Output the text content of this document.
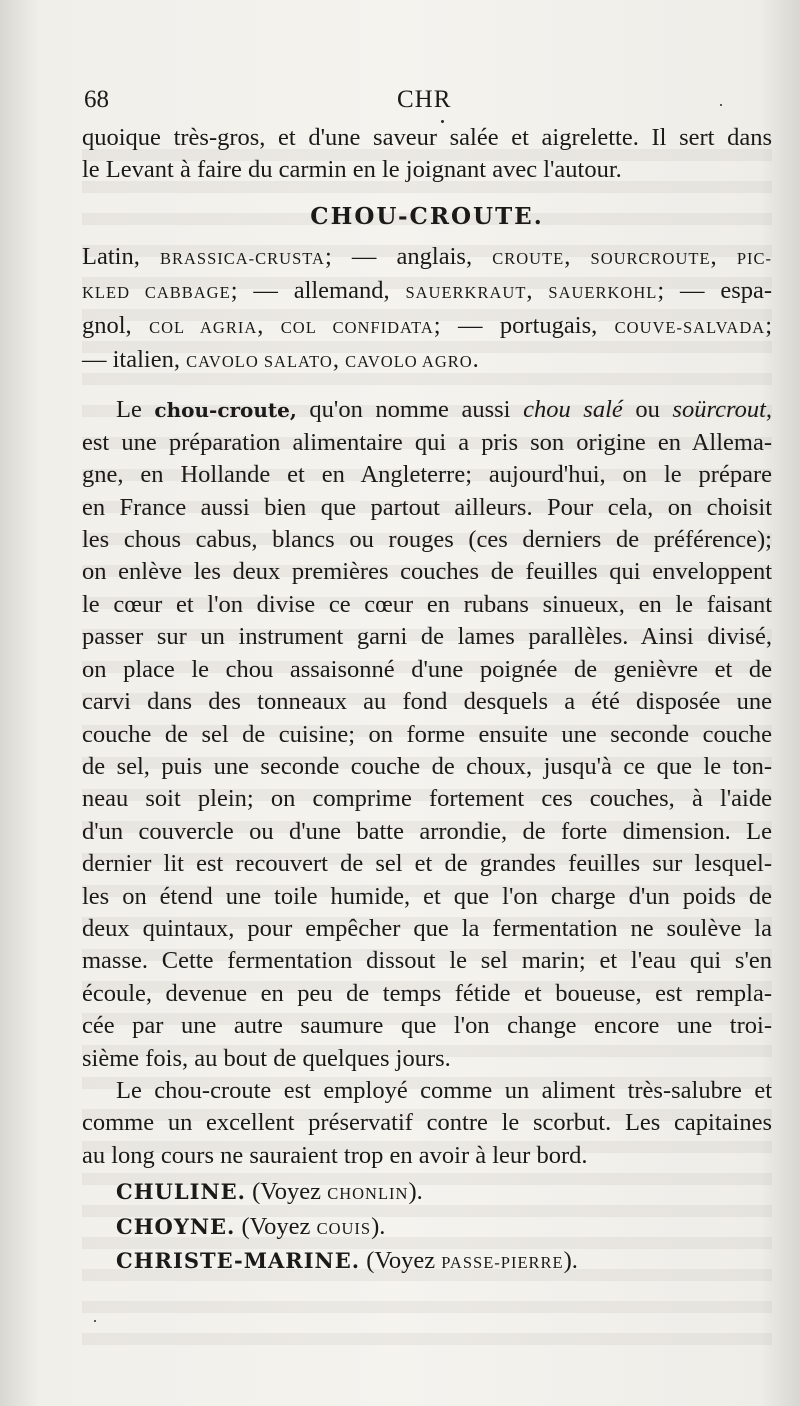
68	CHR
quoique très-gros, et d'une saveur salée et aigrelette. Il sert dans
le Levant à faire du carmin en le joignant avec l'autour.
CHOU-CROUTE.
Latin, BRASSICA-CRUSTA; — anglais, CROUTE, SOURCROUTE, PIC-
KLED CABBAGE; — allemand, SAUERKRAUT, SAUERKOHL; — espa-
gnol, COL AGRIA, COL CONFIDATA; — portugais, COUVE-SALVADA;
— italien, CAVOLO SALATO, CAVOLO AGRO.
Le chou-croute, qu'on nomme aussi chou salé ou soürcrout,
est une préparation alimentaire qui a pris son origine en Allema-
gne, en Hollande et en Angleterre; aujourd'hui, on le prépare
en France aussi bien que partout ailleurs. Pour cela, on choisit
les chous cabus, blancs ou rouges (ces derniers de préférence);
on enlève les deux premières couches de feuilles qui enveloppent
le cœur et l'on divise ce cœur en rubans sinueux, en le faisant
passer sur un instrument garni de lames parallèles. Ainsi divisé,
on place le chou assaisonné d'une poignée de genièvre et de
carvi dans des tonneaux au fond desquels a été disposée une
couche de sel de cuisine; on forme ensuite une seconde couche
de sel, puis une seconde couche de choux, jusqu'à ce que le ton-
neau soit plein; on comprime fortement ces couches, à l'aide
d'un couvercle ou d'une batte arrondie, de forte dimension. Le
dernier lit est recouvert de sel et de grandes feuilles sur lesquel-
les on étend une toile humide, et que l'on charge d'un poids de
deux quintaux, pour empêcher que la fermentation ne soulève la
masse. Cette fermentation dissout le sel marin; et l'eau qui s'en
écoule, devenue en peu de temps fétide et boueuse, est rempla-
cée par une autre saumure que l'on change encore une troi-
sième fois, au bout de quelques jours.
Le chou-croute est employé comme un aliment très-salubre et
comme un excellent préservatif contre le scorbut. Les capitaines
au long cours ne sauraient trop en avoir à leur bord.
CHULINE. (Voyez CHONLIN).
CHOYNE. (Voyez COUIS).
CHRISTE-MARINE. (Voyez PASSE-PIERRE).
